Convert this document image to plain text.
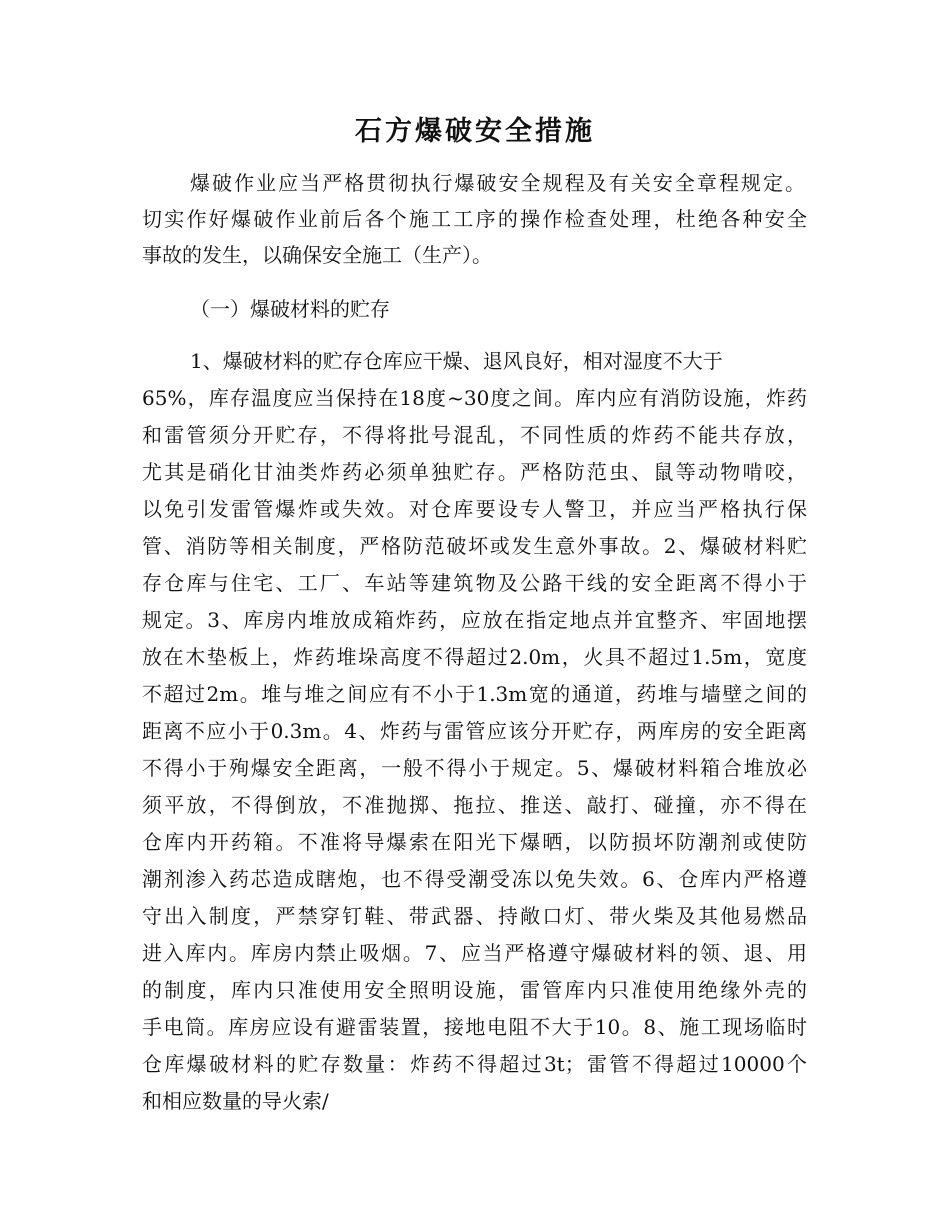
石方爆破安全措施

爆破作业应当严格贯彻执行爆破安全规程及有关安全章程规定。

切实作好爆破作业前后各个施工工序的操作检查处理，杜绝各种安全

事故的发生，以确保安全施工（生产）。

（一）爆破材料的贮存

1、爆破材料的贮存仓库应干燥、退风良好，相对湿度不大于

65%，库存温度应当保持在18度~30度之间。库内应有消防设施，炸药

和雷管须分开贮存，不得将批号混乱，不同性质的炸药不能共存放，

尤其是硝化甘油类炸药必须单独贮存。严格防范虫、鼠等动物啃咬，

以免引发雷管爆炸或失效。对仓库要设专人警卫，并应当严格执行保

管、消防等相关制度，严格防范破坏或发生意外事故。2、爆破材料贮

存仓库与住宅、工厂、车站等建筑物及公路干线的安全距离不得小于

规定。3、库房内堆放成箱炸药，应放在指定地点并宜整齐、牢固地摆

放在木垫板上，炸药堆垛高度不得超过2.0m，火具不超过1.5m，宽度

不超过2m。堆与堆之间应有不小于1.3m宽的通道，药堆与墙壁之间的

距离不应小于0.3m。4、炸药与雷管应该分开贮存，两库房的安全距离

不得小于殉爆安全距离，一般不得小于规定。5、爆破材料箱合堆放必

须平放，不得倒放，不准抛掷、拖拉、推送、敲打、碰撞，亦不得在

仓库内开药箱。不准将导爆索在阳光下爆晒，以防损坏防潮剂或使防

潮剂渗入药芯造成瞎炮，也不得受潮受冻以免失效。6、仓库内严格遵

守出入制度，严禁穿钉鞋、带武器、持敞口灯、带火柴及其他易燃品

进入库内。库房内禁止吸烟。7、应当严格遵守爆破材料的领、退、用

的制度，库内只准使用安全照明设施，雷管库内只准使用绝缘外壳的

手电筒。库房应设有避雷装置，接地电阻不大于10。8、施工现场临时

仓库爆破材料的贮存数量：炸药不得超过3t；雷管不得超过10000个

和相应数量的导火索/
